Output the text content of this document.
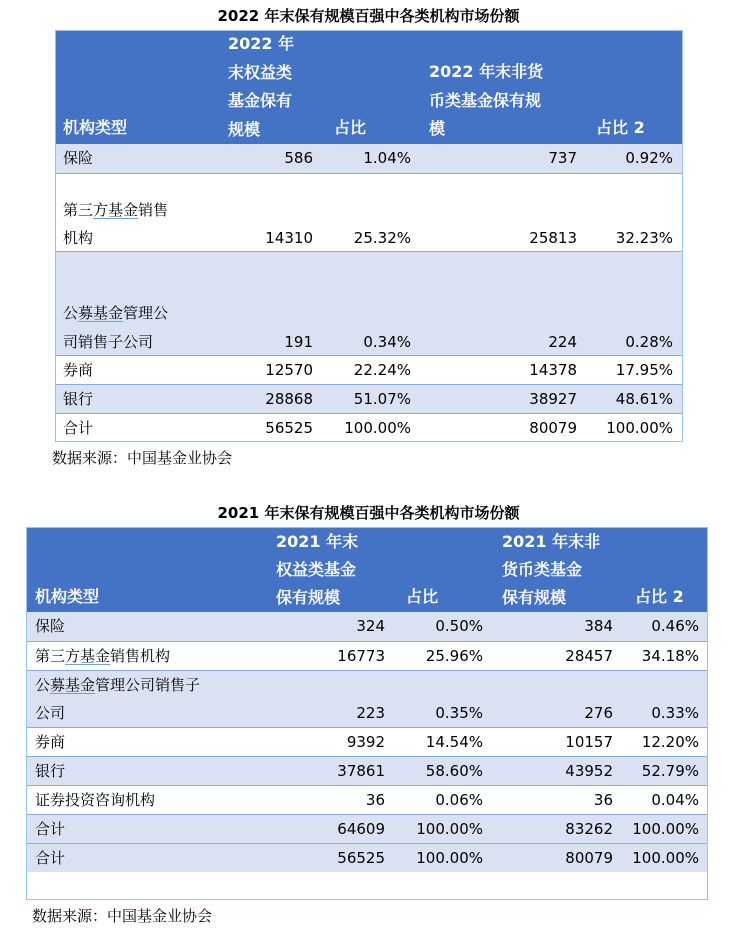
2022 年末保有规模百强中各类机构市场份额
机构类型
2022 年
末权益类
基金保有
规模	占比
2022 年末非货
币类基金保有规
模	占比 2
保险	586	1.04%	737	0.92%
第三方基金销售
机构	14310	25.32%	25813	32.23%
公募基金管理公
司销售子公司	191	0.34%	224	0.28%
券商	12570	22.24%	14378	17.95%
银行	28868	51.07%	38927	48.61%
合计	56525 100.00%	80079 100.00%
数据来源：中国基金业协会
2021 年末保有规模百强中各类机构市场份额
机构类型
2021 年末
权益类基金
保有规模	占比
2021 年末非
货币类基金
保有规模	占比 2
保险	324	0.50%	384	0.46%
第三方基金销售机构	16773	25.96%	28457 34.18%
公募基金管理公司销售子
公司	223	0.35%	276	0.33%
券商	9392	14.54%	10157 12.20%
银行	37861	58.60%	43952 52.79%
证券投资咨询机构	36	0.06%	36	0.04%
合计	64609 100.00%	83262 100.00%
合计	56525 100.00%	80079 100.00%
数据来源：中国基金业协会
